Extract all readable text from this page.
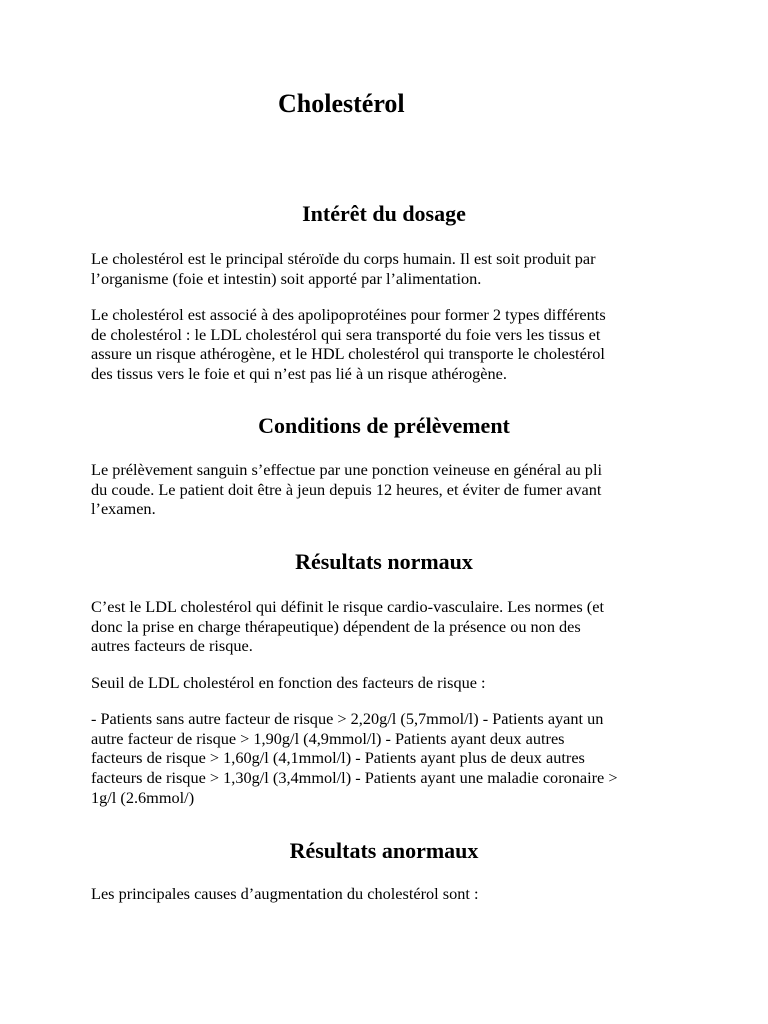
Cholestérol
Intérêt du dosage
Le cholestérol est le principal stéroïde du corps humain. Il est soit produit par
l’organisme (foie et intestin) soit apporté par l’alimentation.
Le cholestérol est associé à des apolipoprotéines pour former 2 types différents
de cholestérol : le LDL cholestérol qui sera transporté du foie vers les tissus et
assure un risque athérogène, et le HDL cholestérol qui transporte le cholestérol
des tissus vers le foie et qui n’est pas lié à un risque athérogène.
Conditions de prélèvement
Le prélèvement sanguin s’effectue par une ponction veineuse en général au pli
du coude. Le patient doit être à jeun depuis 12 heures, et éviter de fumer avant
l’examen.
Résultats normaux
C’est le LDL cholestérol qui définit le risque cardio-vasculaire. Les normes (et
donc la prise en charge thérapeutique) dépendent de la présence ou non des
autres facteurs de risque.
Seuil de LDL cholestérol en fonction des facteurs de risque :
- Patients sans autre facteur de risque > 2,20g/l (5,7mmol/l) - Patients ayant un
autre facteur de risque > 1,90g/l (4,9mmol/l) - Patients ayant deux autres
facteurs de risque > 1,60g/l (4,1mmol/l) - Patients ayant plus de deux autres
facteurs de risque > 1,30g/l (3,4mmol/l) - Patients ayant une maladie coronaire >
1g/l (2.6mmol/)
Résultats anormaux
Les principales causes d’augmentation du cholestérol sont :
